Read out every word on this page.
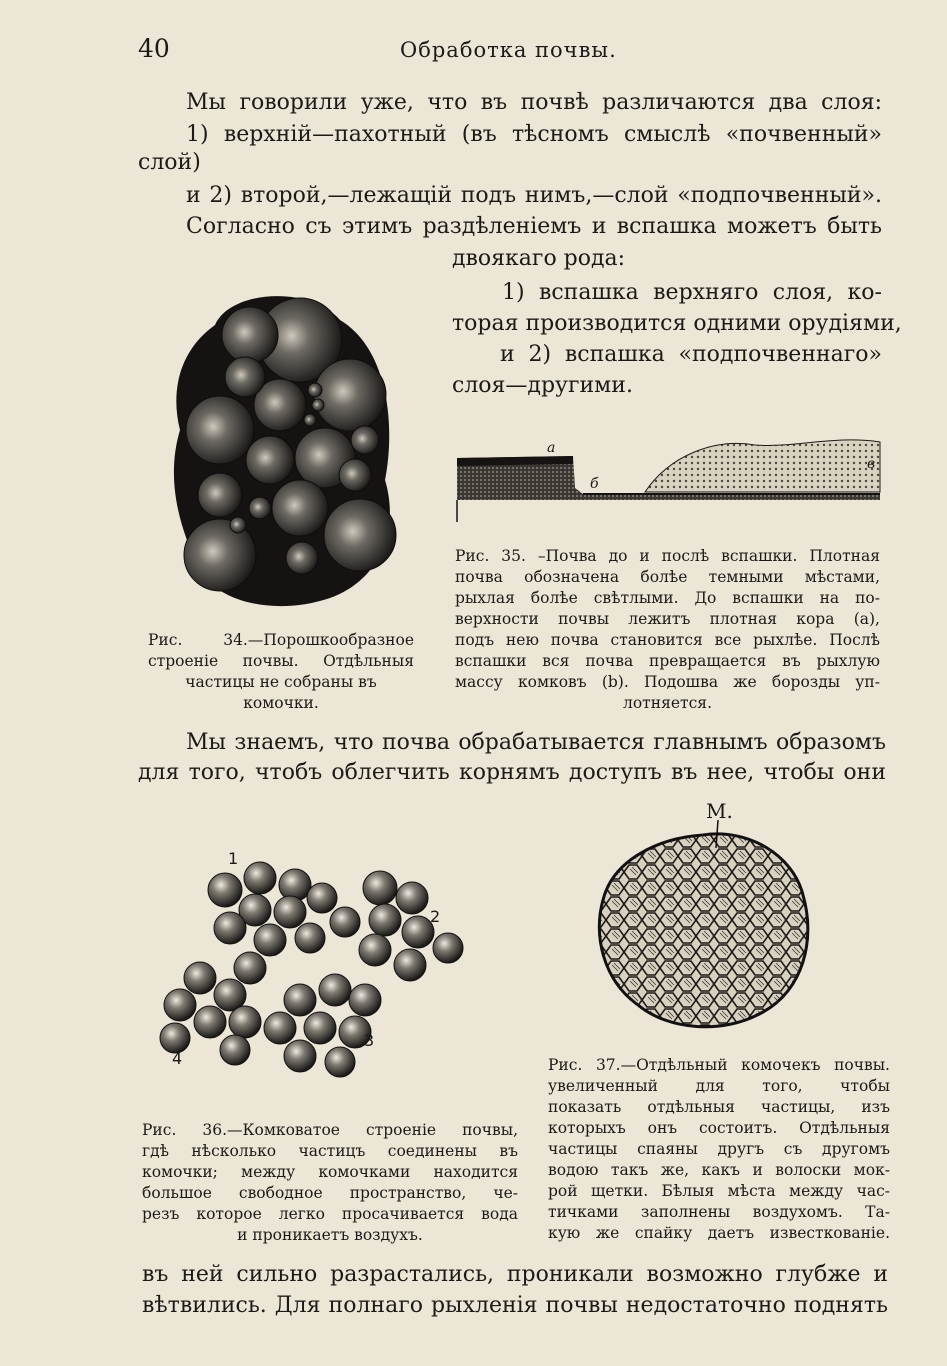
40	Обработка почвы.
Мы говорили уже, что въ почвѣ различаются два слоя:
1) верхнiй—пахотный (въ тѣсномъ смыслѣ «почвенный»
слой)
и 2) второй,—лежащiй подъ нимъ,—слой «подпочвенный».
Согласно съ этимъ раздѣленiемъ и вспашка можетъ быть
двоякаго рода:
1) вспашка верхняго слоя, ко-
торая производится одними орудiями,
и 2) вспашка «подпочвеннаго»
слоя—другими.
a
б
в
Рис. 35. –Почва до и послѣ вспашки. Плотная
почва обозначена болѣе темными мѣстами,
рыхлая болѣе свѣтлыми. До вспашки на по-
верхности почвы лежитъ плотная кора (a),
подъ нею почва становится все рыхлѣе. Послѣ
вспашки вся почва превращается въ рыхлую
массу комковъ (b). Подошва же борозды уп-
лотняется.
Рис. 34.—Порошкообразное
строенiе почвы. Отдѣльныя
частицы не собраны въ
комочки.
Мы знаемъ, что почва обрабатывается главнымъ образомъ
для того, чтобъ облегчить корнямъ доступъ въ нее, чтобы они
1
2
3
4
M.
Рис. 37.—Отдѣльный комочекъ почвы.
увеличенный для того, чтобы
показать отдѣльныя частицы, изъ
которыхъ онъ состоитъ. Отдѣльныя
частицы спаяны другъ съ другомъ
водою такъ же, какъ и волоски мок-
рой щетки. Бѣлыя мѣста между час-
тичками заполнены воздухомъ. Та-
кую же спайку даетъ известкованiе.
Рис. 36.—Комковатое строенiе почвы,
гдѣ нѣсколько частицъ соединены въ
комочки; между комочками находится
большое свободное пространство, че-
резъ которое легко просачивается вода
и проникаетъ воздухъ.
въ ней сильно разрастались, проникали возможно глубже и
вѣтвились. Для полнаго рыхленiя почвы недостаточно поднять
